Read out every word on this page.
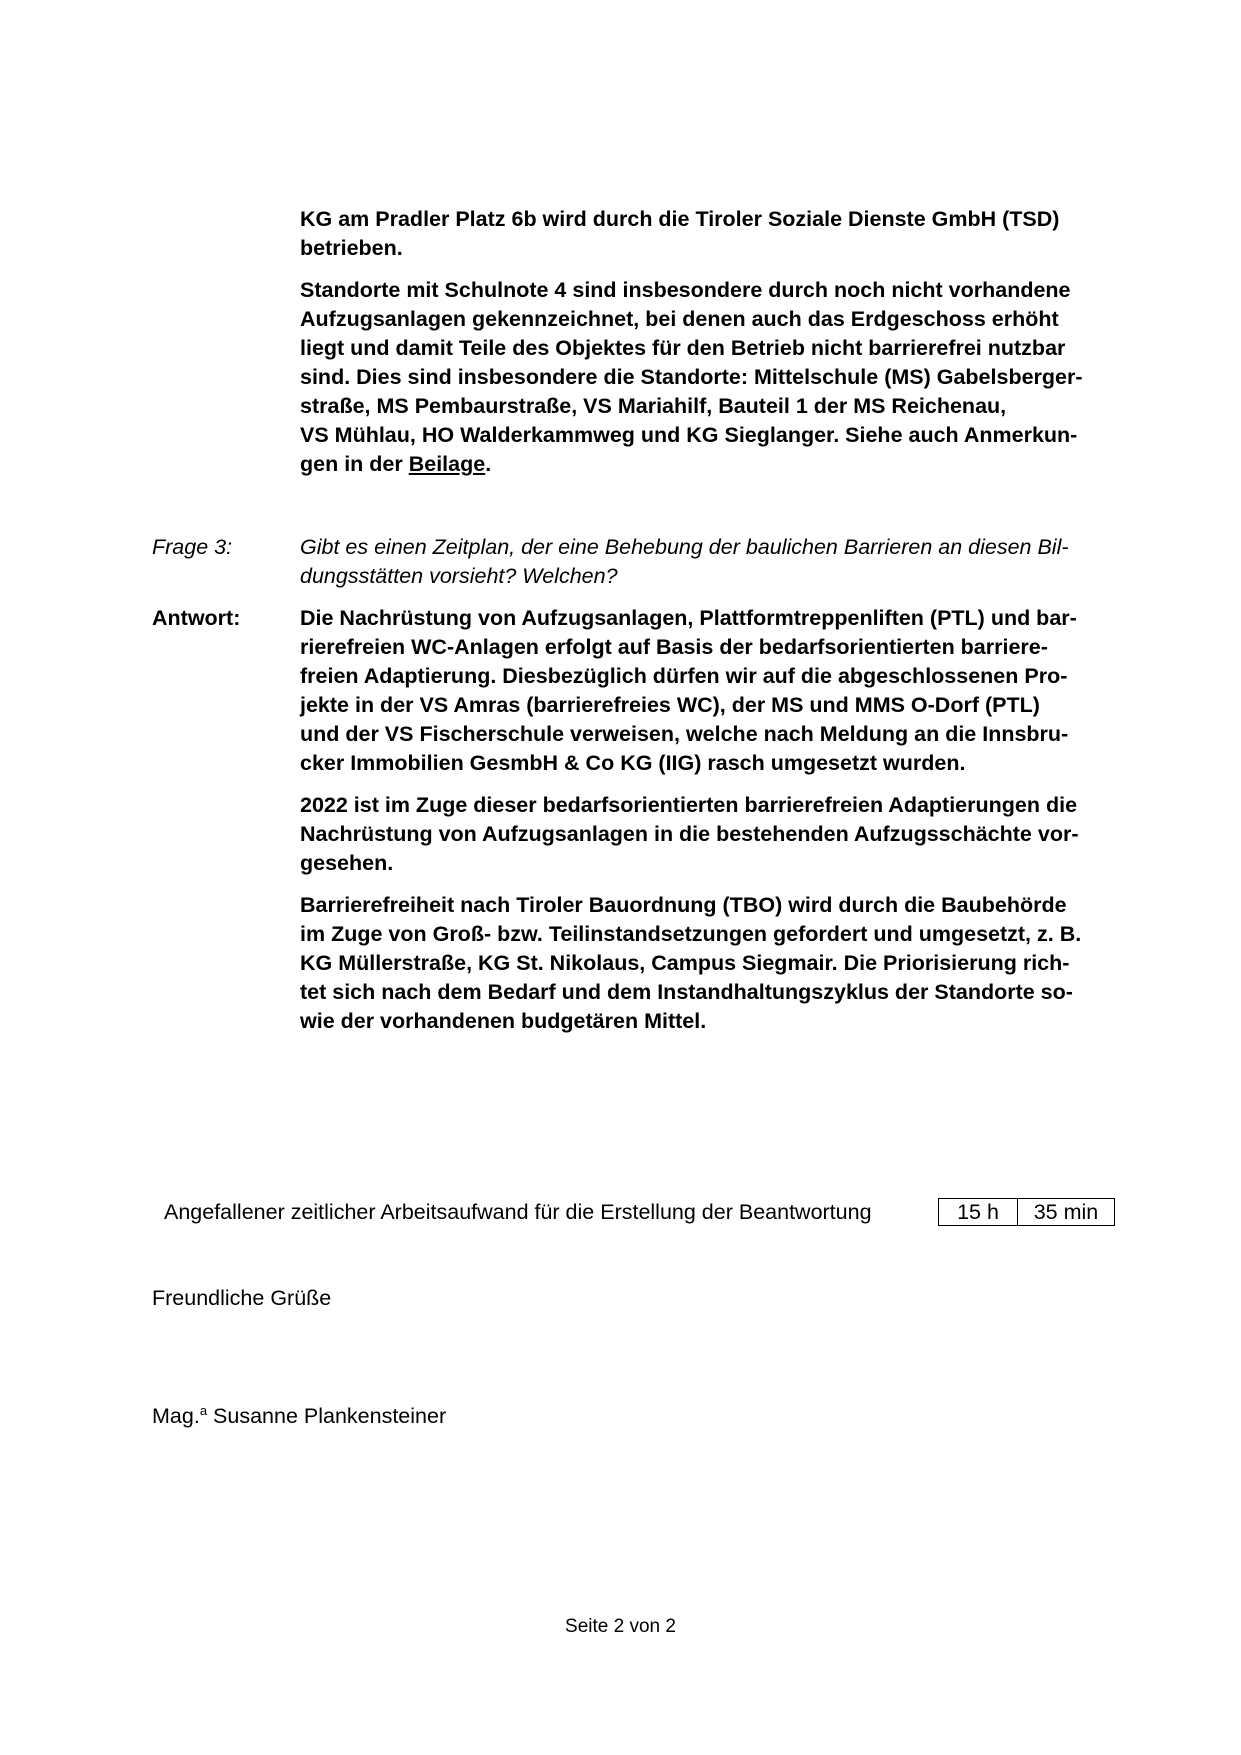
KG am Pradler Platz 6b wird durch die Tiroler Soziale Dienste GmbH (TSD)
betrieben.

Standorte mit Schulnote 4 sind insbesondere durch noch nicht vorhandene
Aufzugsanlagen gekennzeichnet, bei denen auch das Erdgeschoss erhöht
liegt und damit Teile des Objektes für den Betrieb nicht barrierefrei nutzbar
sind. Dies sind insbesondere die Standorte: Mittelschule (MS) Gabelsberger-
straße, MS Pembaurstraße, VS Mariahilf, Bauteil 1 der MS Reichenau,
VS Mühlau, HO Walderkammweg und KG Sieglanger. Siehe auch Anmerkun-
gen in der Beilage.

Frage 3:	Gibt es einen Zeitplan, der eine Behebung der baulichen Barrieren an diesen Bil-
dungsstätten vorsieht? Welchen?

Antwort:	Die Nachrüstung von Aufzugsanlagen, Plattformtreppenliften (PTL) und bar-
rierefreien WC-Anlagen erfolgt auf Basis der bedarfsorientierten barriere-
freien Adaptierung. Diesbezüglich dürfen wir auf die abgeschlossenen Pro-
jekte in der VS Amras (barrierefreies WC), der MS und MMS O-Dorf (PTL)
und der VS Fischerschule verweisen, welche nach Meldung an die Innsbru-
cker Immobilien GesmbH & Co KG (IIG) rasch umgesetzt wurden.

2022 ist im Zuge dieser bedarfsorientierten barrierefreien Adaptierungen die
Nachrüstung von Aufzugsanlagen in die bestehenden Aufzugsschächte vor-
gesehen.

Barrierefreiheit nach Tiroler Bauordnung (TBO) wird durch die Baubehörde
im Zuge von Groß- bzw. Teilinstandsetzungen gefordert und umgesetzt, z. B.
KG Müllerstraße, KG St. Nikolaus, Campus Siegmair. Die Priorisierung rich-
tet sich nach dem Bedarf und dem Instandhaltungszyklus der Standorte so-
wie der vorhandenen budgetären Mittel.

Angefallener zeitlicher Arbeitsaufwand für die Erstellung der Beantwortung	15 h	35 min
Freundliche Grüße
Mag.$^a$ Susanne Plankensteiner
Seite 2 von 2
